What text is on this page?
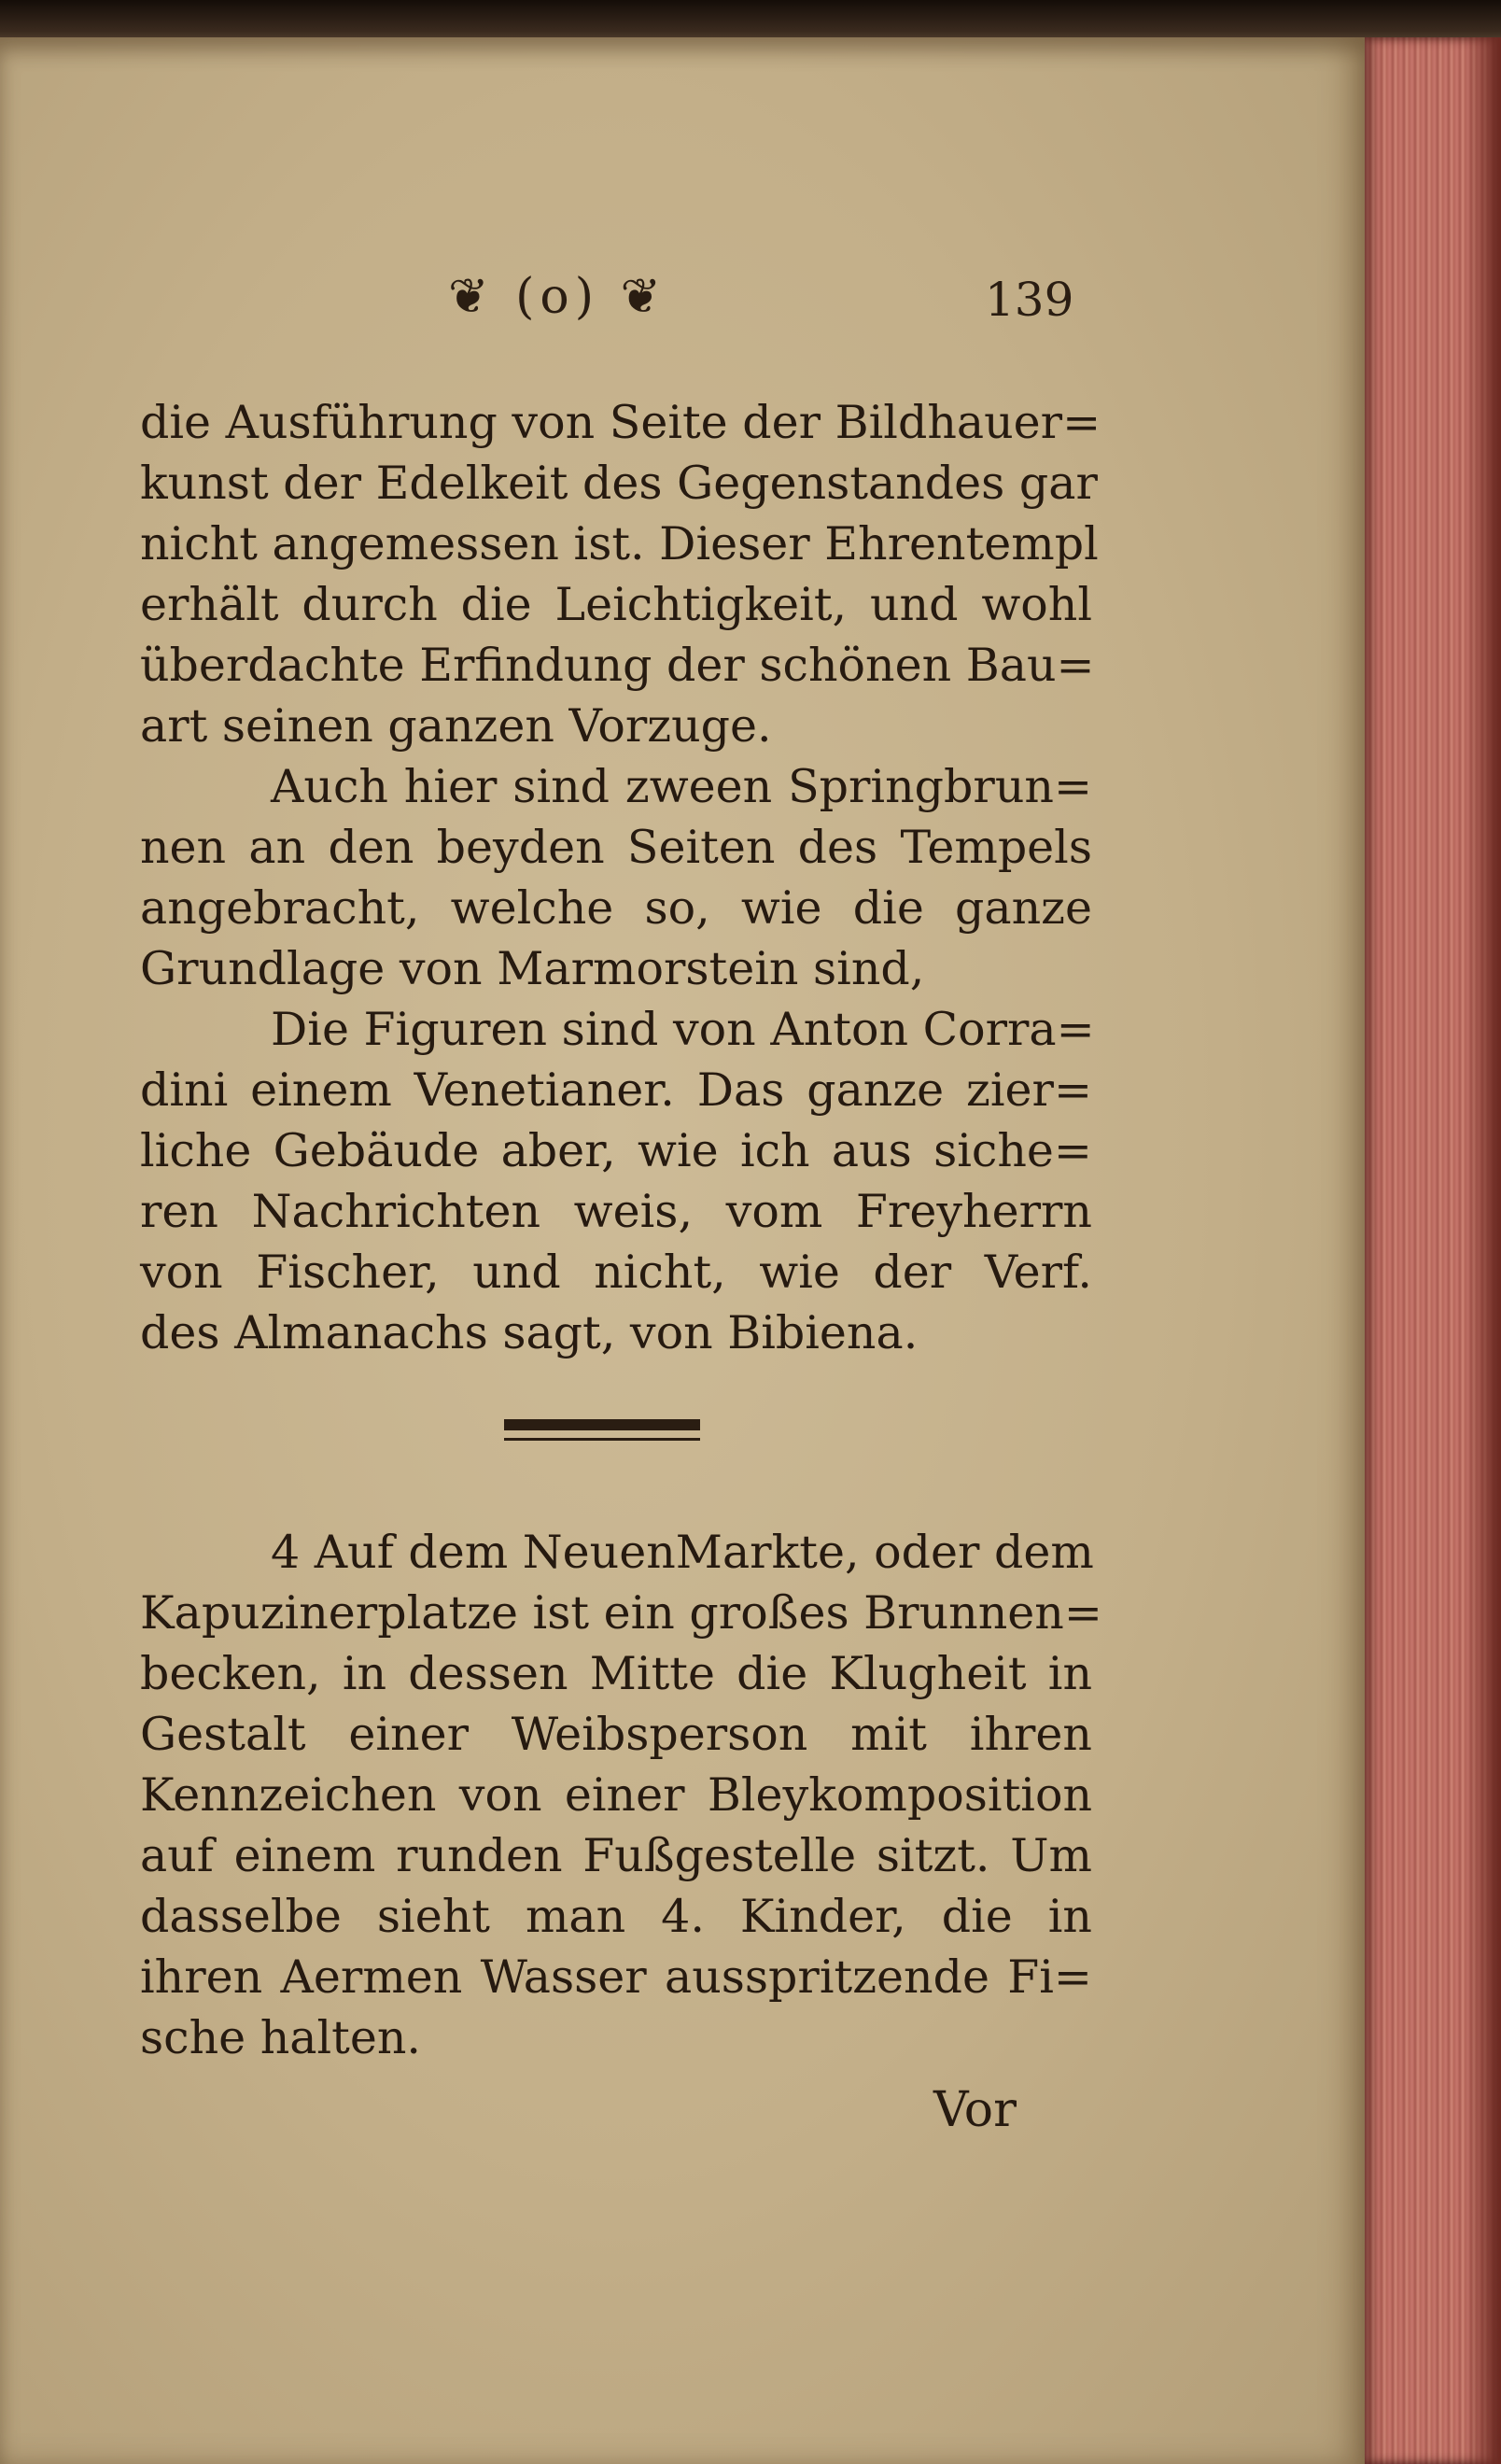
❦ (o) ❦	139
die Ausführung von Seite der Bildhauer=
kunst der Edelkeit des Gegenstandes gar
nicht angemessen ist. Dieser Ehrentempl
erhält durch die Leichtigkeit, und wohl
überdachte Erfindung der schönen Bau=
art seinen ganzen Vorzuge.
Auch hier sind zween Springbrun=
nen an den beyden Seiten des Tempels
angebracht, welche so, wie die ganze
Grundlage von Marmorstein sind,
Die Figuren sind von Anton Corra=
dini einem Venetianer. Das ganze zier=
liche Gebäude aber, wie ich aus siche=
ren Nachrichten weis, vom Freyherrn
von Fischer, und nicht, wie der Verf.
des Almanachs sagt, von Bibiena.
4 Auf dem NeuenMarkte, oder dem
Kapuzinerplatze ist ein großes Brunnen=
becken, in dessen Mitte die Klugheit in
Gestalt einer Weibsperson mit ihren
Kennzeichen von einer Bleykomposition
auf einem runden Fußgestelle sitzt. Um
dasselbe sieht man 4. Kinder, die in
ihren Aermen Wasser ausspritzende Fi=
sche halten.
Vor
